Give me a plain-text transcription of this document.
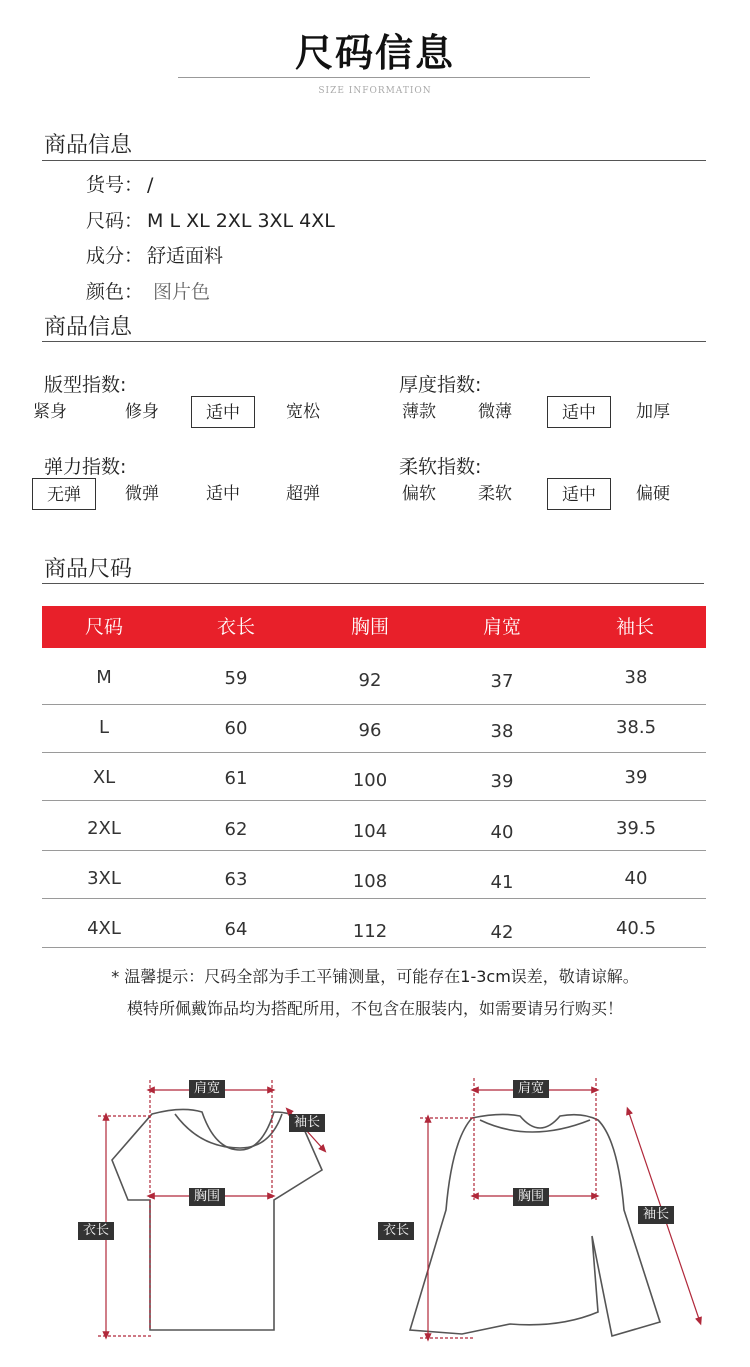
尺码信息
SIZE INFORMATION
商品信息
货号： /
尺码： M L XL 2XL 3XL 4XL
成分： 舒适面料
颜色： 图片色
商品信息
版型指数:
紧身	修身	适中	宽松
厚度指数:
薄款	微薄	适中	加厚
弹力指数:
无弹	微弹	适中	超弹
柔软指数:
偏软	柔软	适中	偏硬
商品尺码
尺码	衣长	胸围	肩宽	袖长
M	59	92	37	38
L	60	96	38	38.5
XL	61	100	39	39
2XL	62	104	40	39.5
3XL	63	108	41	40
4XL	64	112	42	40.5
* 温馨提示：尺码全部为手工平铺测量，可能存在1-3cm误差，敬请谅解。
模特所佩戴饰品均为搭配所用，不包含在服装内，如需要请另行购买！
肩宽
袖长
胸围
衣长
肩宽
袖长
胸围
衣长
